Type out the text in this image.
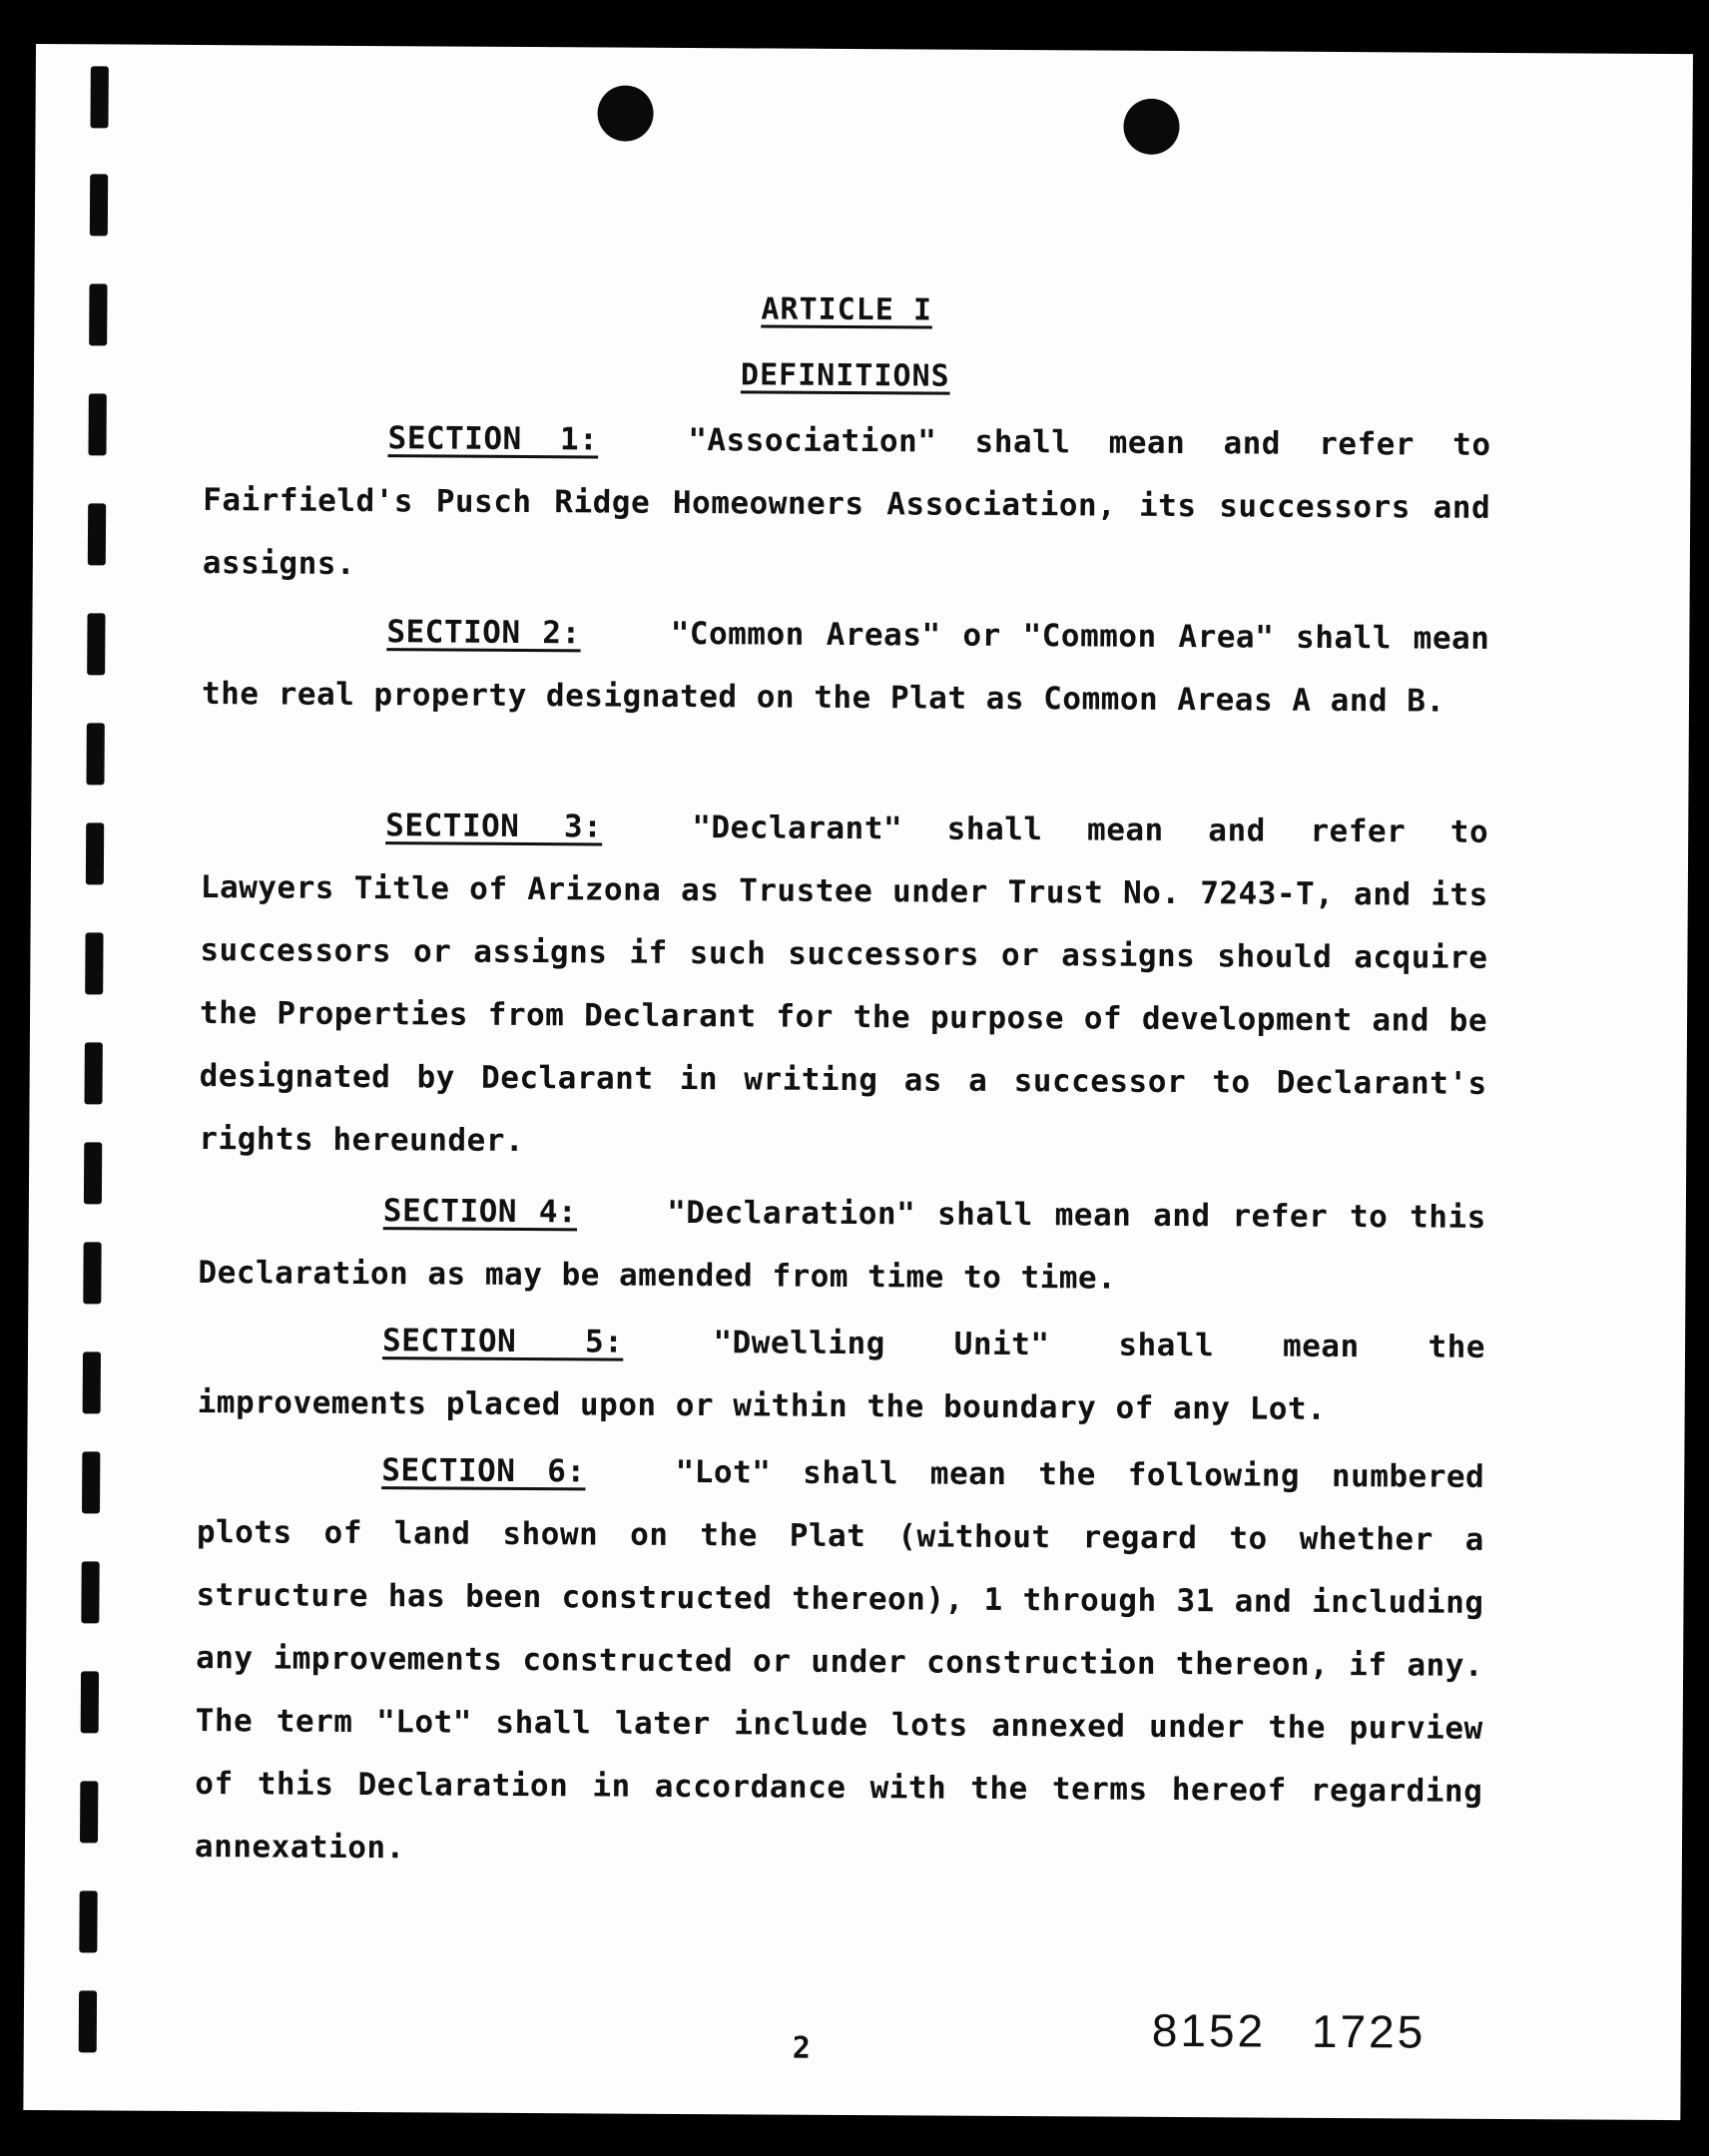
ARTICLE I
DEFINITIONS
SECTION 1:	"Association" shall mean and refer to Fairfield's Pusch Ridge Homeowners Association, its successors and assigns.
SECTION 2:	"Common Areas" or "Common Area" shall mean the real property designated on the Plat as Common Areas A and B.
SECTION 3:	"Declarant" shall mean and refer to Lawyers Title of Arizona as Trustee under Trust No. 7243-T, and its successors or assigns if such successors or assigns should acquire the Properties from Declarant for the purpose of development and be designated by Declarant in writing as a successor to Declarant's rights hereunder.
SECTION 4:	"Declaration" shall mean and refer to this Declaration as may be amended from time to time.
SECTION 5:	"Dwelling Unit" shall mean the improvements placed upon or within the boundary of any Lot.
SECTION 6:	"Lot" shall mean the following numbered plots of land shown on the Plat (without regard to whether a structure has been constructed thereon), 1 through 31 and including any improvements constructed or under construction thereon, if any. The term "Lot" shall later include lots annexed under the purview of this Declaration in accordance with the terms hereof regarding annexation.
2	8152 1725
